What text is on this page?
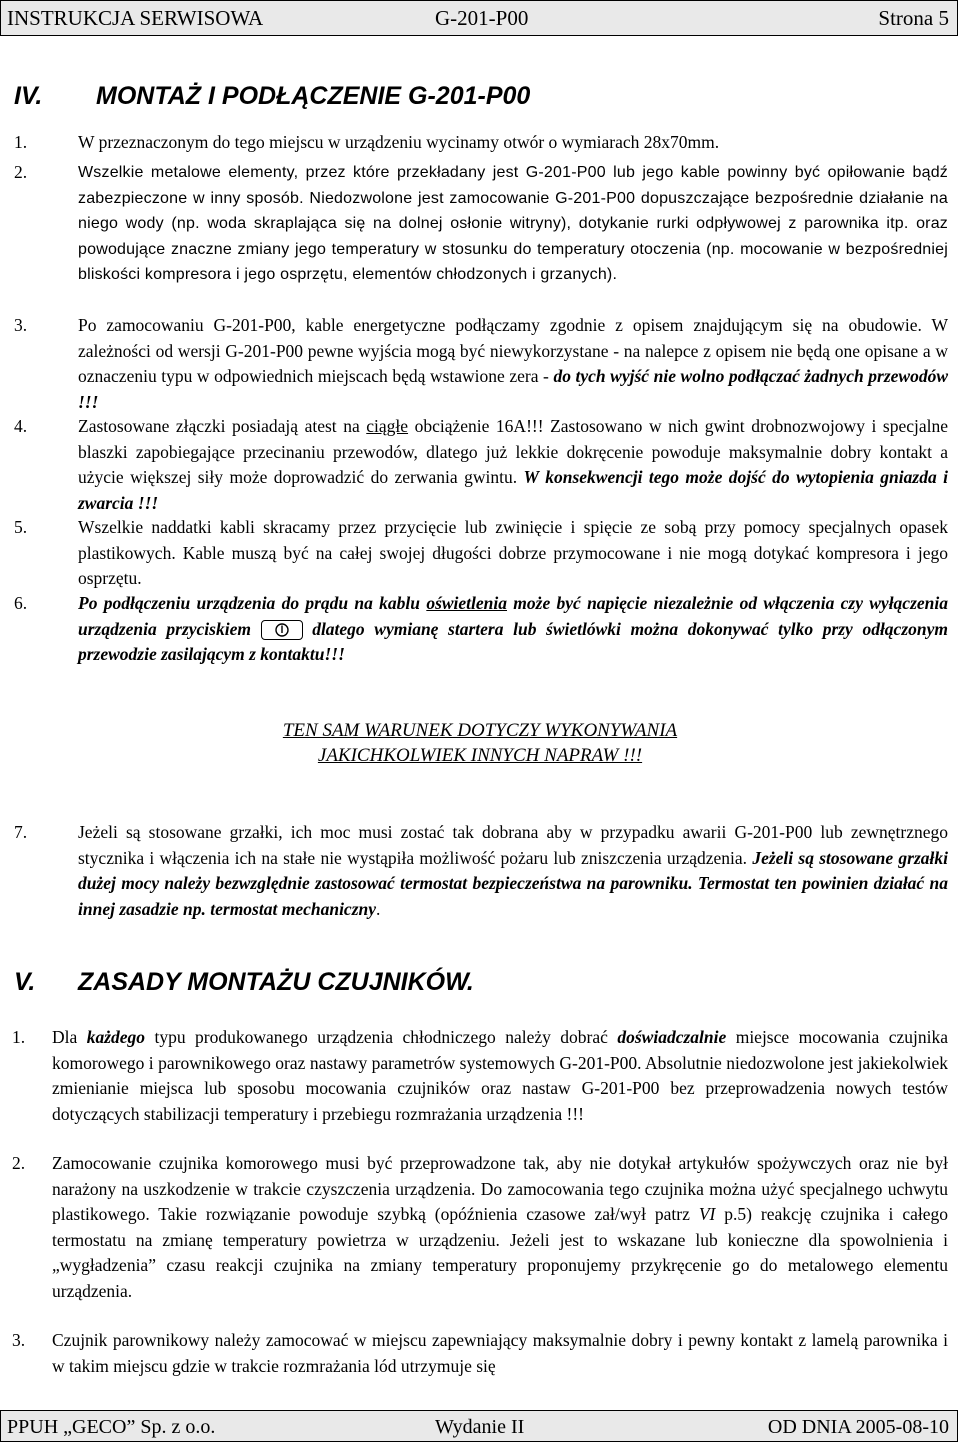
INSTRUKCJA SERWISOWA	G-201-P00	Strona 5
IV. MONTAŻ I PODŁĄCZENIE G-201-P00
1.	W przeznaczonym do tego miejscu w urządzeniu wycinamy otwór o wymiarach 28x70mm.
2.	Wszelkie metalowe elementy, przez które przekładany jest G-201-P00 lub jego kable powinny być opiłowanie bądź zabezpieczone w inny sposób. Niedozwolone jest zamocowanie G-201-P00 dopuszczające bezpośrednie działanie na niego wody (np. woda skraplająca się na dolnej osłonie witryny), dotykanie rurki odpływowej z parownika itp. oraz powodujące znaczne zmiany jego temperatury w stosunku do temperatury otoczenia (np. mocowanie w bezpośredniej bliskości kompresora i jego osprzętu, elementów chłodzonych i grzanych).
3.	Po zamocowaniu G-201-P00, kable energetyczne podłączamy zgodnie z opisem znajdującym się na obudowie. W zależności od wersji G-201-P00 pewne wyjścia mogą być niewykorzystane - na nalepce z opisem nie będą one opisane a w oznaczeniu typu w odpowiednich miejscach będą wstawione zera - do tych wyjść nie wolno podłączać żadnych przewodów !!!
4.	Zastosowane złączki posiadają atest na ciągłe obciążenie 16A!!! Zastosowano w nich gwint drobnozwojowy i specjalne blaszki zapobiegające przecinaniu przewodów, dlatego już lekkie dokręcenie powoduje maksymalnie dobry kontakt a użycie większej siły może doprowadzić do zerwania gwintu. W konsekwencji tego może dojść do wytopienia gniazda i zwarcia !!!
5.	Wszelkie naddatki kabli skracamy przez przycięcie lub zwinięcie i spięcie ze sobą przy pomocy specjalnych opasek plastikowych. Kable muszą być na całej swojej długości dobrze przymocowane i nie mogą dotykać kompresora i jego osprzętu.
6.	Po podłączeniu urządzenia do prądu na kablu oświetlenia może być napięcie niezależnie od włączenia czy wyłączenia urządzenia przyciskiem	dlatego wymianę startera lub świetlówki można dokonywać tylko przy odłączonym przewodzie zasilającym z kontaktu!!!
TEN SAM WARUNEK DOTYCZY WYKONYWANIA
JAKICHKOLWIEK INNYCH NAPRAW !!!
7.	Jeżeli są stosowane grzałki, ich moc musi zostać tak dobrana aby w przypadku awarii G-201-P00 lub zewnętrznego stycznika i włączenia ich na stałe nie wystąpiła możliwość pożaru lub zniszczenia urządzenia. Jeżeli są stosowane grzałki dużej mocy należy bezwzględnie zastosować termostat bezpieczeństwa na parowniku. Termostat ten powinien działać na innej zasadzie np. termostat mechaniczny.
V. ZASADY MONTAŻU CZUJNIKÓW.
1. Dla każdego typu produkowanego urządzenia chłodniczego należy dobrać doświadczalnie miejsce mocowania czujnika komorowego i parownikowego oraz nastawy parametrów systemowych G-201-P00. Absolutnie niedozwolone jest jakiekolwiek zmienianie miejsca lub sposobu mocowania czujników oraz nastaw G-201-P00 bez przeprowadzenia nowych testów dotyczących stabilizacji temperatury i przebiegu rozmrażania urządzenia !!!
2. Zamocowanie czujnika komorowego musi być przeprowadzone tak, aby nie dotykał artykułów spożywczych oraz nie był narażony na uszkodzenie w trakcie czyszczenia urządzenia. Do zamocowania tego czujnika można użyć specjalnego uchwytu plastikowego. Takie rozwiązanie powoduje szybką (opóźnienia czasowe zał/wył patrz VI p.5) reakcję czujnika i całego termostatu na zmianę temperatury powietrza w urządzeniu. Jeżeli jest to wskazane lub konieczne dla spowolnienia i „wygładzenia” czasu reakcji czujnika na zmiany temperatury proponujemy przykręcenie go do metalowego elementu urządzenia.
3. Czujnik parownikowy należy zamocować w miejscu zapewniający maksymalnie dobry i pewny kontakt z lamelą parownika i w takim miejscu gdzie w trakcie rozmrażania lód utrzymuje się
PPUH „GECO” Sp. z o.o.	Wydanie II	OD DNIA 2005-08-10
